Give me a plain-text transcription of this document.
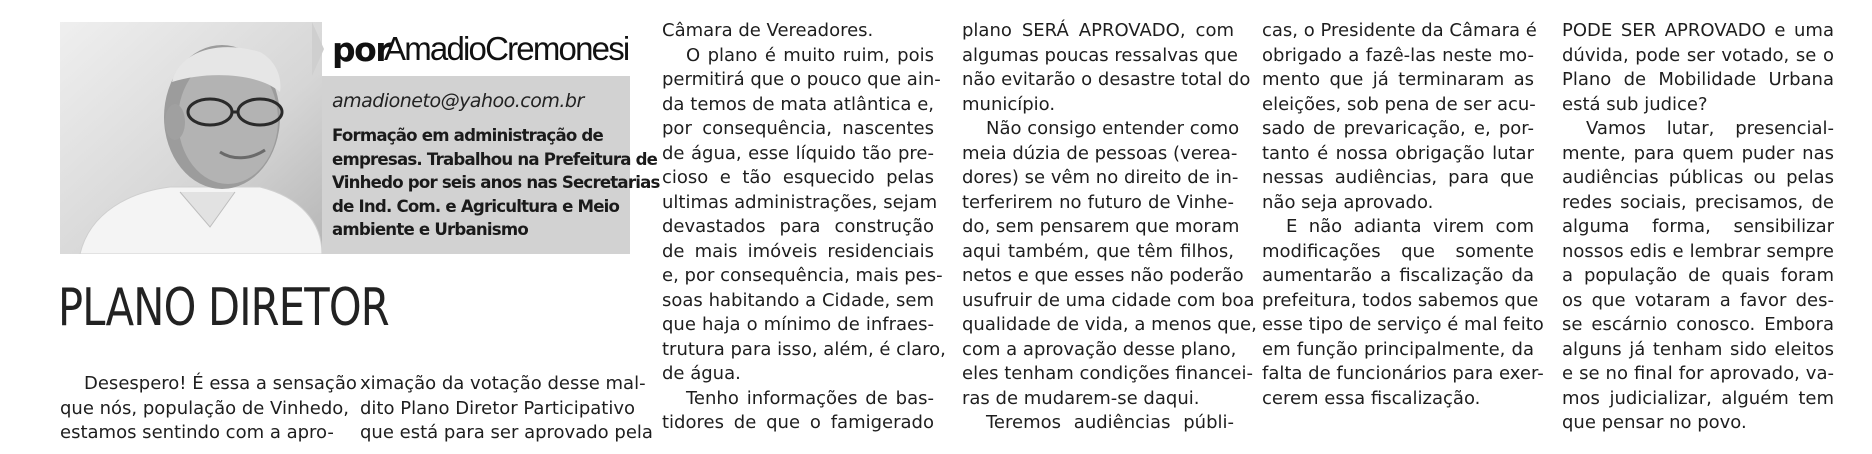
por
AmadioCremonesi
amadioneto@yahoo.com.br
Formação em administração de
empresas. Trabalhou na Prefeitura de
Vinhedo por seis anos nas Secretarias
de Ind. Com. e Agricultura e Meio
ambiente e Urbanismo
PLANO DIRETOR
Desespero! É essa a sensação
que nós, população de Vinhedo,
estamos sentindo com a apro-
ximação da votação desse mal-
dito Plano Diretor Participativo
que está para ser aprovado pela
Câmara de Vereadores.
O plano é muito ruim, pois
permitirá que o pouco que ain-
da temos de mata atlântica e,
por consequência, nascentes
de água, esse líquido tão pre-
cioso e tão esquecido pelas
ultimas administrações, sejam
devastados para construção
de mais imóveis residenciais
e, por consequência, mais pes-
soas habitando a Cidade, sem
que haja o mínimo de infraes-
trutura para isso, além, é claro,
de água.
Tenho informações de bas-
tidores de que o famigerado
plano SERÁ APROVADO, com
algumas poucas ressalvas que
não evitarão o desastre total do
município.
Não consigo entender como
meia dúzia de pessoas (verea-
dores) se vêm no direito de in-
terferirem no futuro de Vinhe-
do, sem pensarem que moram
aqui também, que têm filhos,
netos e que esses não poderão
usufruir de uma cidade com boa
qualidade de vida, a menos que,
com a aprovação desse plano,
eles tenham condições financei-
ras de mudarem-se daqui.
Teremos audiências públi-
cas, o Presidente da Câmara é
obrigado a fazê-las neste mo-
mento que já terminaram as
eleições, sob pena de ser acu-
sado de prevaricação, e, por-
tanto é nossa obrigação lutar
nessas audiências, para que
não seja aprovado.
E não adianta virem com
modificações que somente
aumentarão a fiscalização da
prefeitura, todos sabemos que
esse tipo de serviço é mal feito
em função principalmente, da
falta de funcionários para exer-
cerem essa fiscalização.
PODE SER APROVADO e uma
dúvida, pode ser votado, se o
Plano de Mobilidade Urbana
está sub judice?
Vamos lutar, presencial-
mente, para quem puder nas
audiências públicas ou pelas
redes sociais, precisamos, de
alguma forma, sensibilizar
nossos edis e lembrar sempre
a população de quais foram
os que votaram a favor des-
se escárnio conosco. Embora
alguns já tenham sido eleitos
e se no final for aprovado, va-
mos judicializar, alguém tem
que pensar no povo.
